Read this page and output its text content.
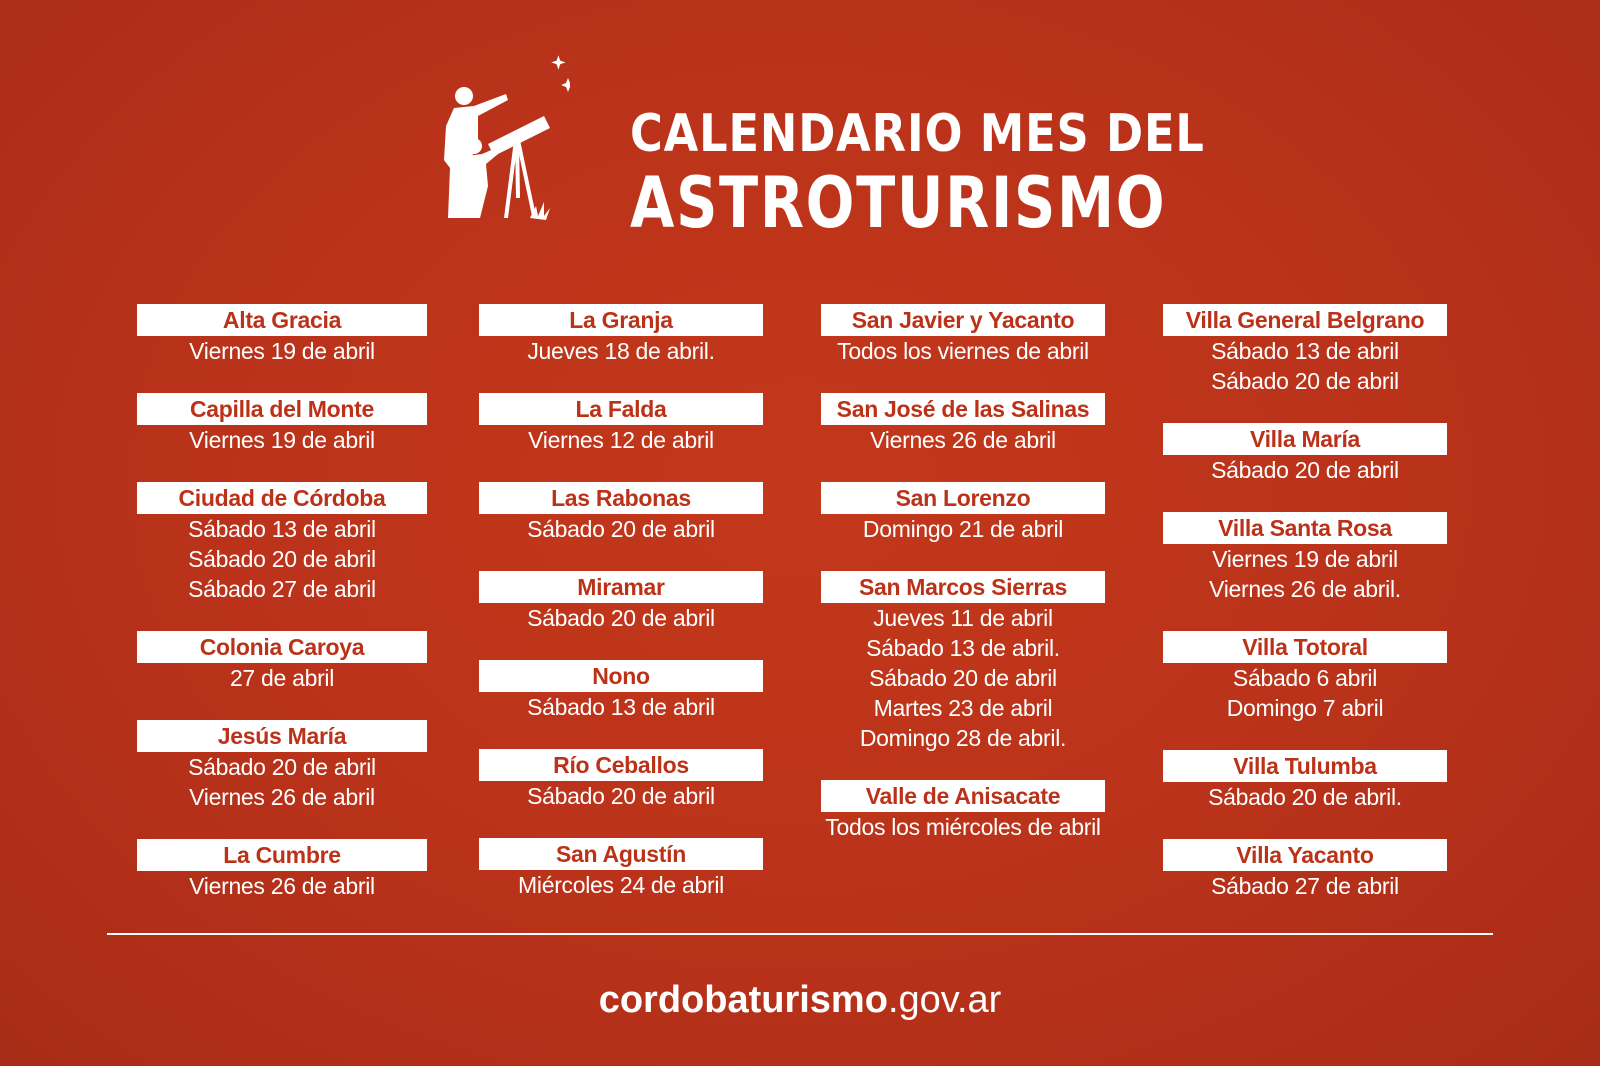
CALENDARIO MES DEL
ASTROTURISMO
Alta Gracia
Viernes 19 de abril
Capilla del Monte
Viernes 19 de abril
Ciudad de Córdoba
Sábado 13 de abril
Sábado 20 de abril
Sábado 27 de abril
Colonia Caroya
27 de abril
Jesús María
Sábado 20 de abril
Viernes 26 de abril
La Cumbre
Viernes 26 de abril
La Granja
Jueves 18 de abril.
La Falda
Viernes 12 de abril
Las Rabonas
Sábado 20 de abril
Miramar
Sábado 20 de abril
Nono
Sábado 13 de abril
Río Ceballos
Sábado 20 de abril
San Agustín
Miércoles 24 de abril
San Javier y Yacanto
Todos los viernes de abril
San José de las Salinas
Viernes 26 de abril
San Lorenzo
Domingo 21 de abril
San Marcos Sierras
Jueves 11 de abril
Sábado 13 de abril.
Sábado 20 de abril
Martes 23 de abril
Domingo 28 de abril.
Valle de Anisacate
Todos los miércoles de abril
Villa General Belgrano
Sábado 13 de abril
Sábado 20 de abril
Villa María
Sábado 20 de abril
Villa Santa Rosa
Viernes 19 de abril
Viernes 26 de abril.
Villa Totoral
Sábado 6 abril
Domingo 7 abril
Villa Tulumba
Sábado 20 de abril.
Villa Yacanto
Sábado 27 de abril
cordobaturismo.gov.ar
